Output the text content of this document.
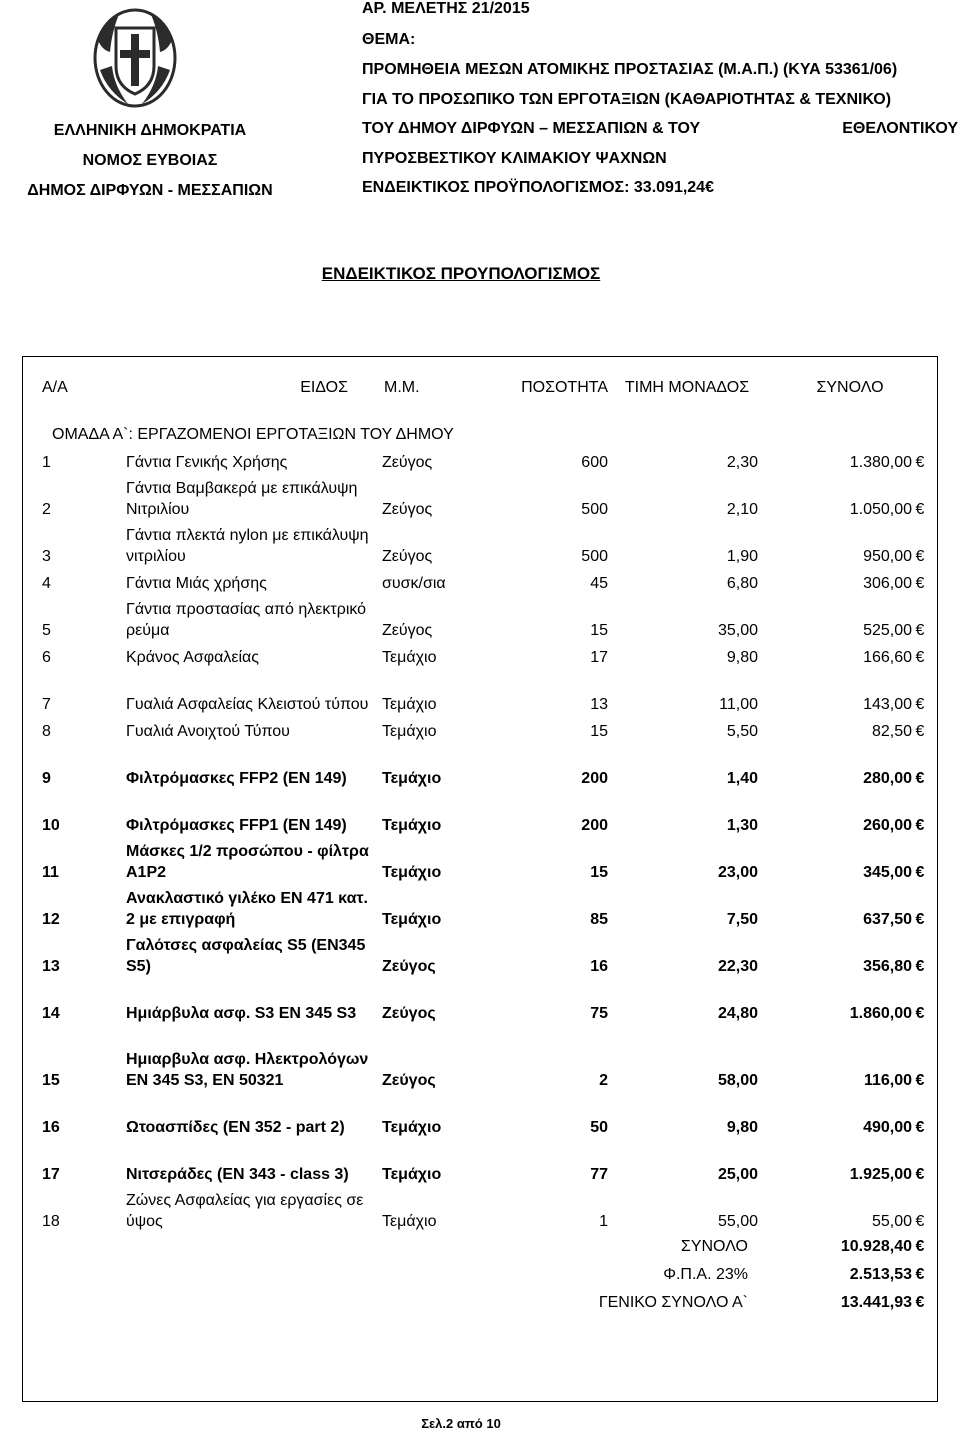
ΕΛΛΗΝΙΚΗ ΔΗΜΟΚΡΑΤΙΑ
ΝΟΜΟΣ ΕΥΒΟΙΑΣ
ΔΗΜΟΣ ΔΙΡΦΥΩΝ - ΜΕΣΣΑΠΙΩΝ
ΑΡ. ΜΕΛΕΤΗΣ 21/2015
ΘΕΜΑ:
ΠΡΟΜΗΘΕΙΑ ΜΕΣΩΝ ΑΤΟΜΙΚΗΣ ΠΡΟΣΤΑΣΙΑΣ (Μ.Α.Π.) (ΚΥΑ 53361/06)
ΓΙΑ ΤΟ ΠΡΟΣΩΠΙΚΟ ΤΩΝ ΕΡΓΟΤΑΞΙΩΝ (ΚΑΘΑΡΙΟΤΗΤΑΣ & ΤΕΧΝΙΚΟ)
ΤΟΥ ΔΗΜΟΥ ΔΙΡΦΥΩΝ – ΜΕΣΣΑΠΙΩΝ & ΤΟΥ	ΕΘΕΛΟΝΤΙΚΟΥ
ΠΥΡΟΣΒΕΣΤΙΚΟΥ ΚΛΙΜΑΚΙΟΥ ΨΑΧΝΩΝ
ΕΝΔΕΙΚΤΙΚΟΣ ΠΡΟΫΠΟΛΟΓΙΣΜΟΣ: 33.091,24€
ΕΝΔΕΙΚΤΙΚΟΣ ΠΡΟΥΠΟΛΟΓΙΣΜΟΣ
Α/Α	ΕΙΔΟΣ	Μ.Μ.	ΠΟΣΟΤΗΤΑ	ΤΙΜΗ ΜΟΝΑΔΟΣ	ΣΥΝΟΛΟ
ΟΜΑΔΑ Α`: ΕΡΓΑΖΟΜΕΝΟΙ ΕΡΓΟΤΑΞΙΩΝ ΤΟΥ ΔΗΜΟΥ					
1	Γάντια Γενικής Χρήσης	Ζεύγος	600	2,30	1.380,00 €
2	Γάντια Βαμβακερά με επικάλυψη Νιτριλίου	Ζεύγος	500	2,10	1.050,00 €
3	Γάντια πλεκτά nylon με επικάλυψη νιτριλίου	Ζεύγος	500	1,90	950,00 €
4	Γάντια Μιάς χρήσης	συσκ/σια	45	6,80	306,00 €
5	Γάντια προστασίας από ηλεκτρικό ρεύμα	Ζεύγος	15	35,00	525,00 €
6	Κράνος Ασφαλείας	Τεμάχιο	17	9,80	166,60 €
7	Γυαλιά Ασφαλείας Κλειστού τύπου	Τεμάχιο	13	11,00	143,00 €
8	Γυαλιά Ανοιχτού Τύπου	Τεμάχιο	15	5,50	82,50 €
9	Φιλτρόμασκες FFP2 (EN 149)	Τεμάχιο	200	1,40	280,00 €
10	Φιλτρόμασκες FFP1 (EN 149)	Τεμάχιο	200	1,30	260,00 €
11	Μάσκες 1/2 προσώπου - φίλτρα A1P2	Τεμάχιο	15	23,00	345,00 €
12	Ανακλαστικό γιλέκο ΕΝ 471 κατ. 2 με επιγραφή	Τεμάχιο	85	7,50	637,50 €
13	Γαλότσες ασφαλείας S5 (EN345 S5)	Ζεύγος	16	22,30	356,80 €
14	Ημιάρβυλα ασφ. S3 EN 345 S3	Ζεύγος	75	24,80	1.860,00 €
15	Ημιαρβυλα ασφ. Ηλεκτρολόγων EN 345 S3, EN 50321	Ζεύγος	2	58,00	116,00 €
16	Ωτοασπίδες (EN 352 - part 2)	Τεμάχιο	50	9,80	490,00 €
17	Νιτσεράδες (EN 343 - class 3)	Τεμάχιο	77	25,00	1.925,00 €
18	Ζώνες Ασφαλείας για εργασίες σε ύψος	Τεμάχιο	1	55,00	55,00 €
ΣΥΝΟΛΟ					10.928,40 €
Φ.Π.Α. 23%					2.513,53 €
ΓΕΝΙΚΟ ΣΥΝΟΛΟ Α`					13.441,93 €
Σελ.2 από 10
